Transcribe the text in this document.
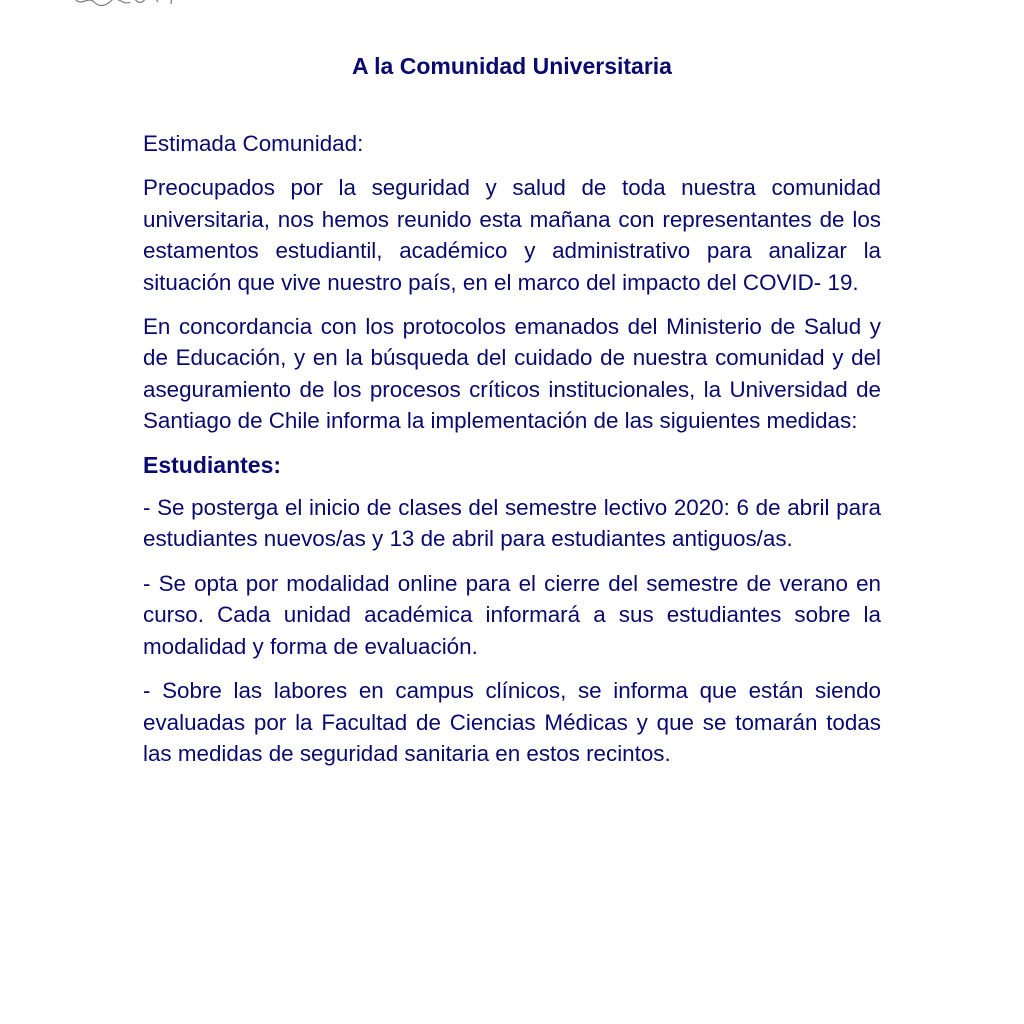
A la Comunidad Universitaria

Estimada Comunidad:

Preocupados por la seguridad y salud de toda nuestra comunidad universitaria, nos hemos reunido esta mañana con representantes de los estamentos estudiantil, académico y administrativo para analizar la situación que vive nuestro país, en el marco del impacto del COVID- 19.

En concordancia con los protocolos emanados del Ministerio de Salud y de Educación, y en la búsqueda del cuidado de nuestra comunidad y del aseguramiento de los procesos críticos institucionales, la Universidad de Santiago de Chile informa la implementación de las siguientes medidas:

Estudiantes:

- Se posterga el inicio de clases del semestre lectivo 2020: 6 de abril para estudiantes nuevos/as y 13 de abril para estudiantes antiguos/as.

- Se opta por modalidad online para el cierre del semestre de verano en curso. Cada unidad académica informará a sus estudiantes sobre la modalidad y forma de evaluación.

- Sobre las labores en campus clínicos, se informa que están siendo evaluadas por la Facultad de Ciencias Médicas y que se tomarán todas las medidas de seguridad sanitaria en estos recintos.
